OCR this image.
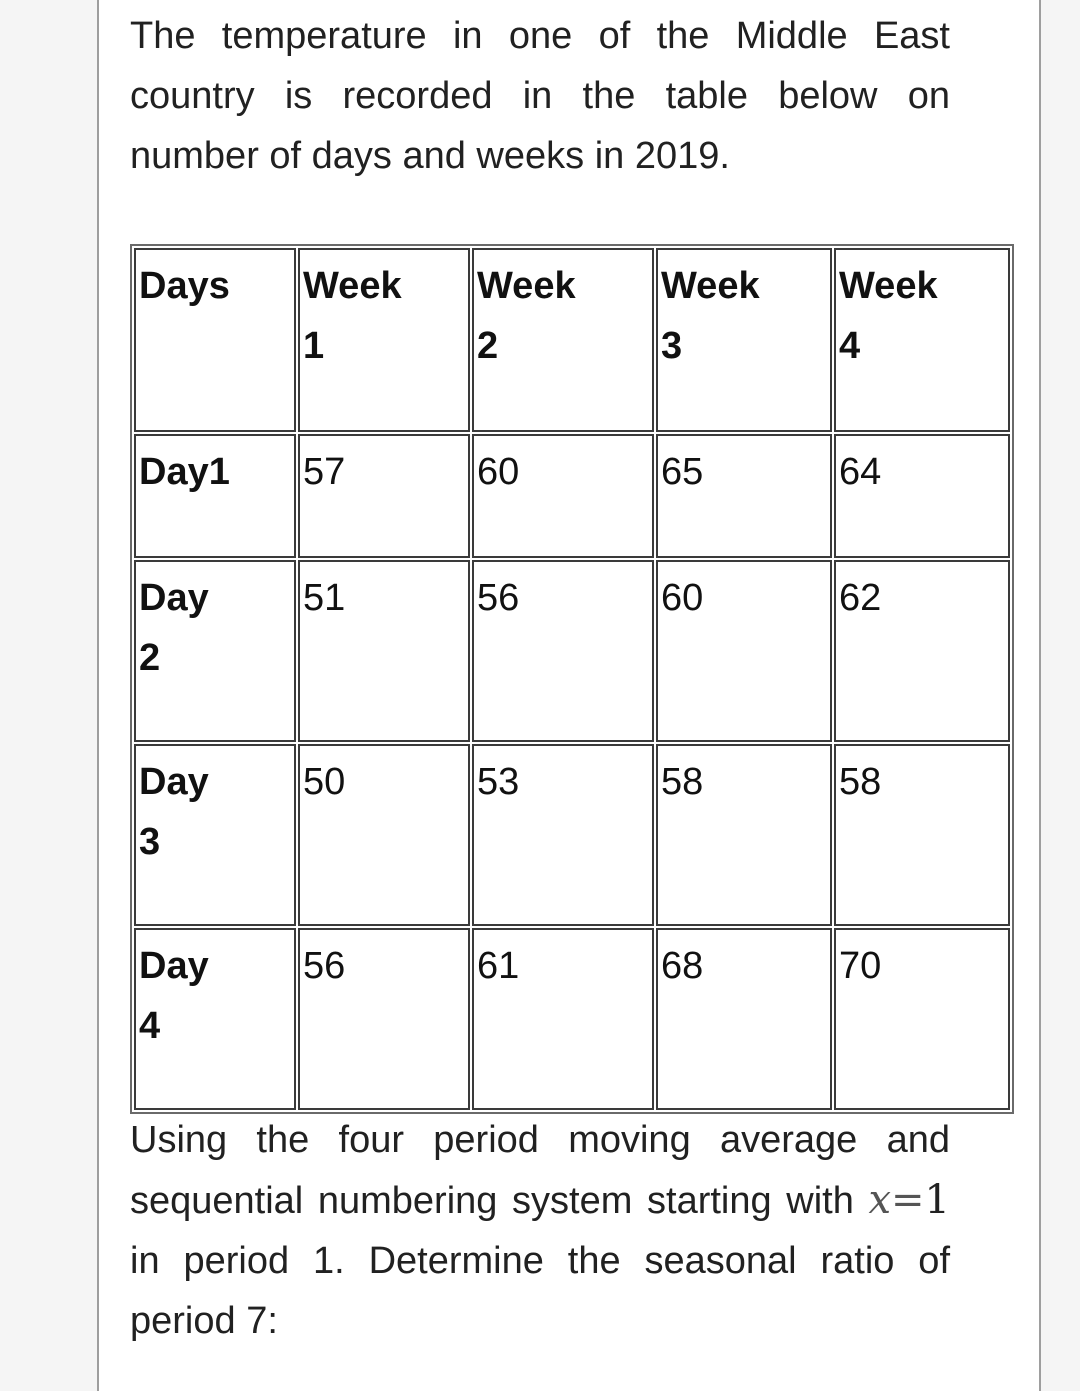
The temperature in one of the Middle East country is recorded in the table below on number of days and weeks in 2019.

Days	Week 1	Week 2	Week 3	Week 4
Day1	57	60	65	64
Day 2	51	56	60	62
Day 3	50	53	58	58
Day 4	56	61	68	70

Using the four period moving average and sequential numbering system starting with x=1 in period 1. Determine the seasonal ratio of period 7:
